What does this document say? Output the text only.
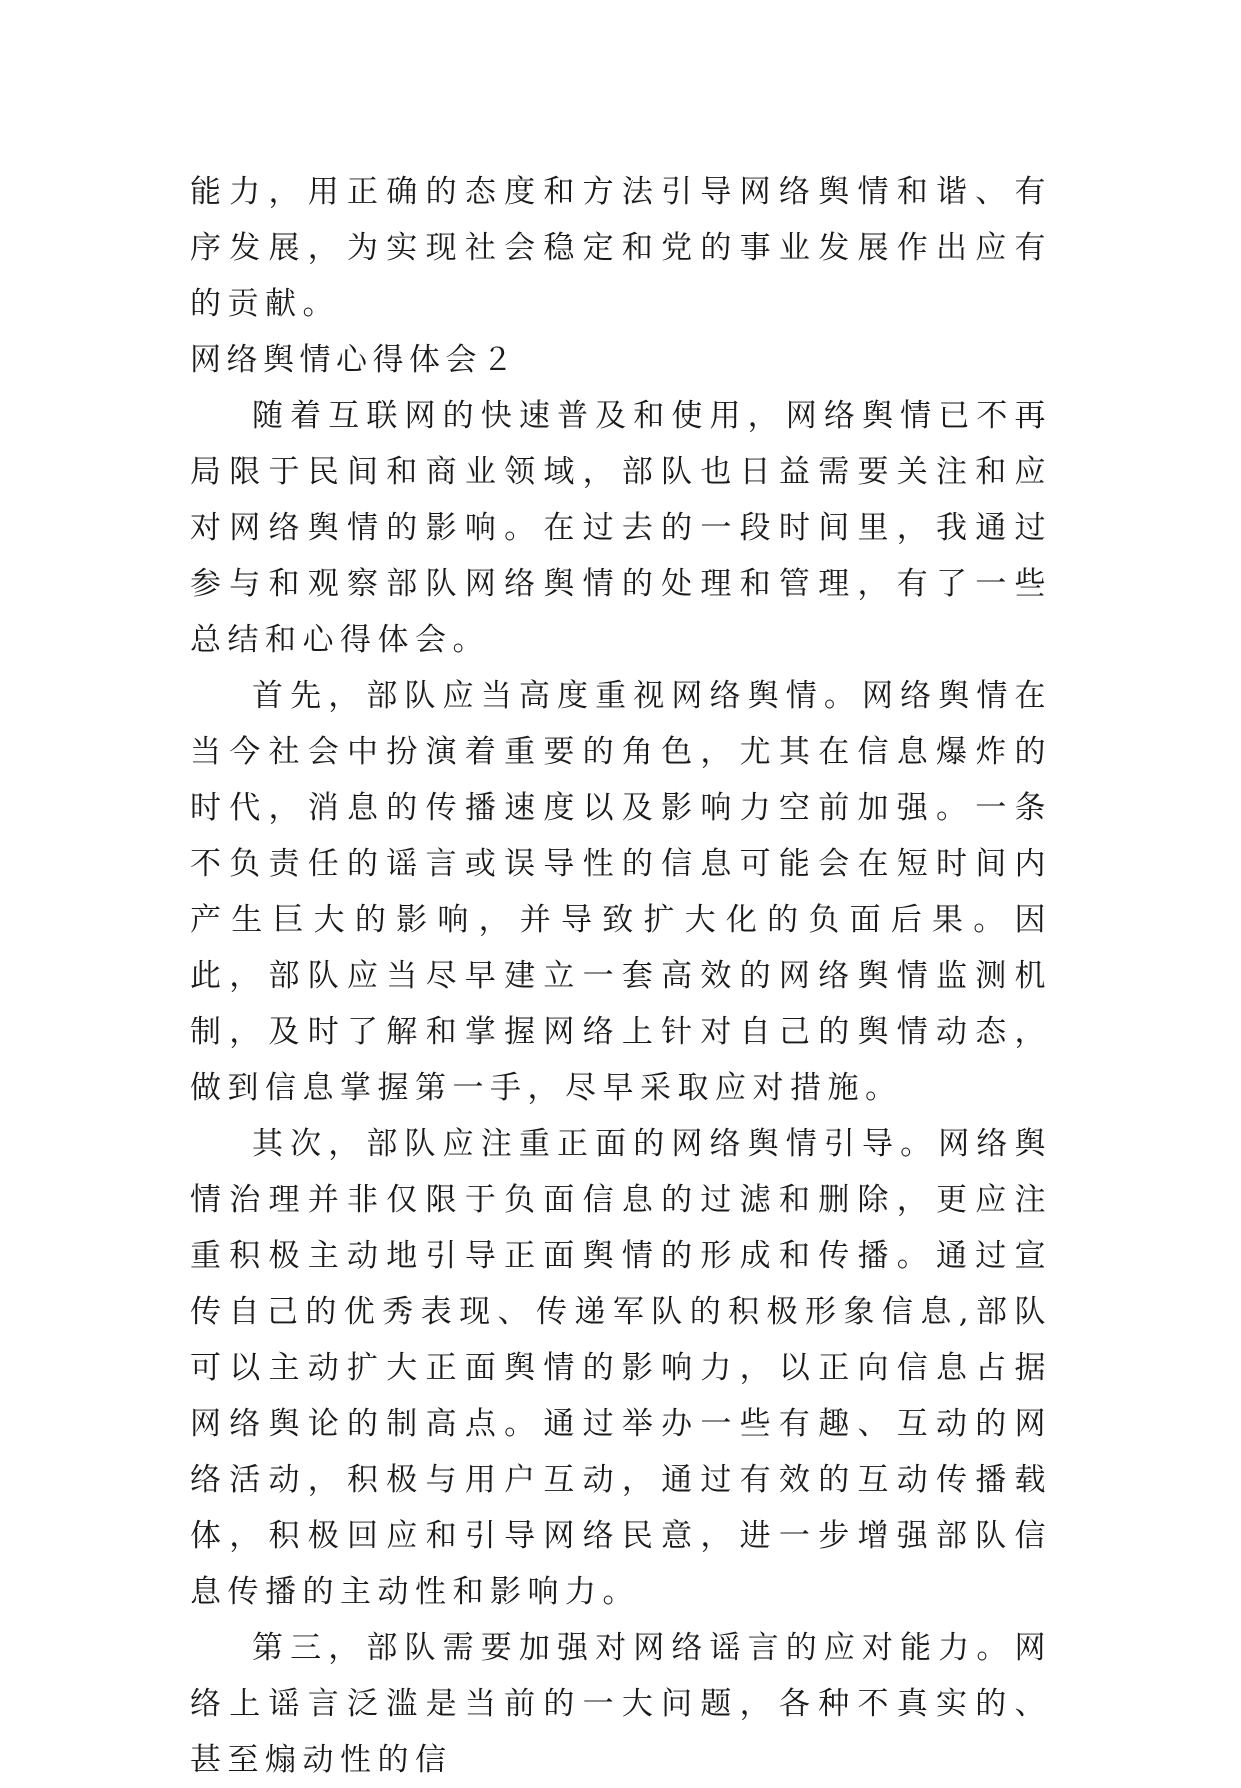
能力，用正确的态度和方法引导网络舆情和谐、有序发展，为实现社会稳定和党的事业发展作出应有的贡献。

网络舆情心得体会２

随着互联网的快速普及和使用，网络舆情已不再局限于民间和商业领域，部队也日益需要关注和应对网络舆情的影响。在过去的一段时间里，我通过参与和观察部队网络舆情的处理和管理，有了一些总结和心得体会。

首先，部队应当高度重视网络舆情。网络舆情在当今社会中扮演着重要的角色，尤其在信息爆炸的时代，消息的传播速度以及影响力空前加强。一条不负责任的谣言或误导性的信息可能会在短时间内产生巨大的影响，并导致扩大化的负面后果。因此，部队应当尽早建立一套高效的网络舆情监测机制，及时了解和掌握网络上针对自己的舆情动态，做到信息掌握第一手，尽早采取应对措施。

其次，部队应注重正面的网络舆情引导。网络舆情治理并非仅限于负面信息的过滤和删除，更应注重积极主动地引导正面舆情的形成和传播。通过宣传自己的优秀表现、传递军队的积极形象信息,部队可以主动扩大正面舆情的影响力，以正向信息占据网络舆论的制高点。通过举办一些有趣、互动的网络活动，积极与用户互动，通过有效的互动传播载体，积极回应和引导网络民意，进一步增强部队信息传播的主动性和影响力。

第三，部队需要加强对网络谣言的应对能力。网络上谣言泛滥是当前的一大问题，各种不真实的、甚至煽动性的信
